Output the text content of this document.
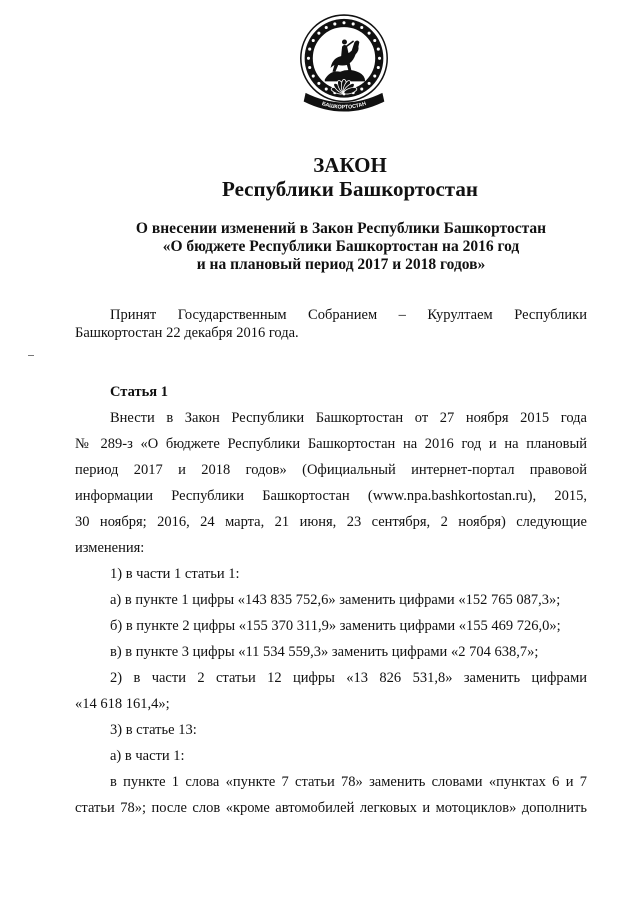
БАШКОРТОСТАН
ЗАКОН
Республики Башкортостан
О внесении изменений в Закон Республики Башкортостан
«О бюджете Республики Башкортостан на 2016 год
и на плановый период 2017 и 2018 годов»
Принят Государственным Собранием – Курултаем Республики
Башкортостан 22 декабря 2016 года.
Статья 1
Внести в Закон Республики Башкортостан от 27 ноября 2015 года
№ 289-з «О бюджете Республики Башкортостан на 2016 год и на плановый
период 2017 и 2018 годов» (Официальный интернет-портал правовой
информации Республики Башкортостан (www.npa.bashkortostan.ru), 2015,
30 ноября; 2016, 24 марта, 21 июня, 23 сентября, 2 ноября) следующие
изменения:
1) в части 1 статьи 1:
а) в пункте 1 цифры «143 835 752,6» заменить цифрами «152 765 087,3»;
б) в пункте 2 цифры «155 370 311,9» заменить цифрами «155 469 726,0»;
в) в пункте 3 цифры «11 534 559,3» заменить цифрами «2 704 638,7»;
2) в части 2 статьи 12 цифры «13 826 531,8» заменить цифрами
«14 618 161,4»;
3) в статье 13:
а) в части 1:
в пункте 1 слова «пункте 7 статьи 78» заменить словами «пунктах 6 и 7
статьи 78»; после слов «кроме автомобилей легковых и мотоциклов» дополнить
